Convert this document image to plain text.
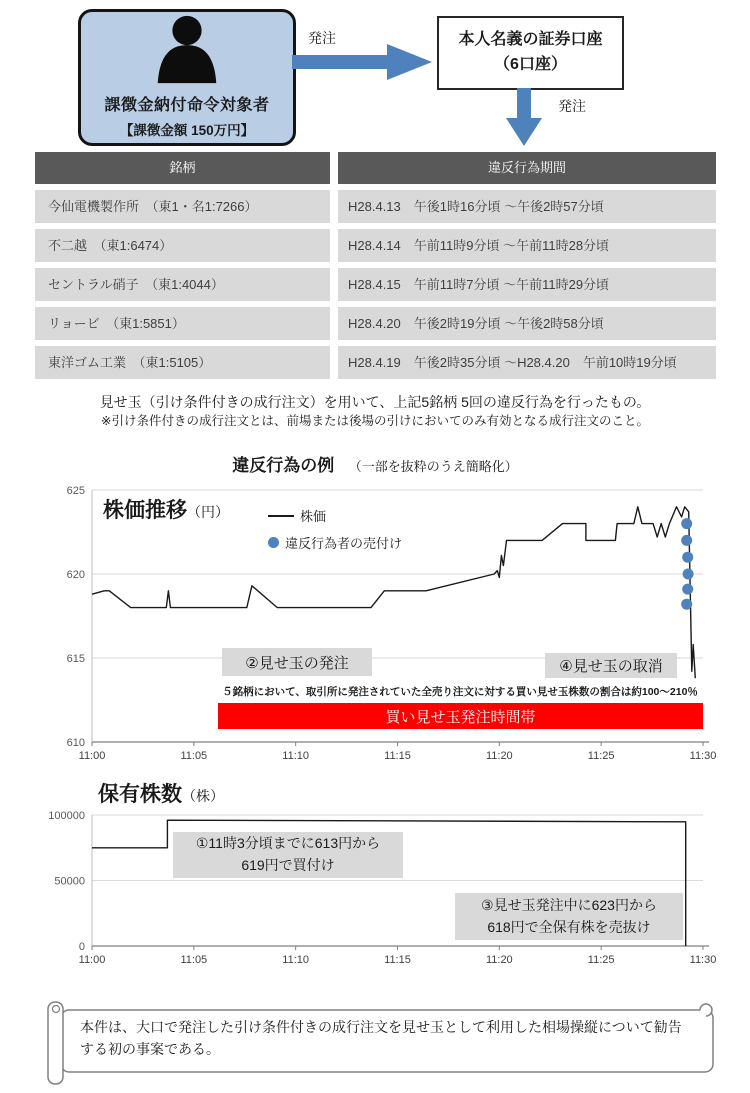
課徴金納付命令対象者
【課徴金額 150万円】
発注	本人名義の証券口座
（6口座）
発注
銘柄	違反行為期間
今仙電機製作所　（東1・名1:7266）	H28.4.13　午後1時16分頃 ～午後2時57分頃
不二越　（東1:6474）	H28.4.14　午前11時9分頃 ～午前11時28分頃
セントラル硝子　（東1:4044）	H28.4.15　午前11時7分頃 ～午前11時29分頃
リョービ　（東1:5851）	H28.4.20　午後2時19分頃 ～午後2時58分頃
東洋ゴム工業　（東1:5105）	H28.4.19　午後2時35分頃 ～H28.4.20　午前10時19分頃
見せ玉（引け条件付きの成行注文）を用いて、上記5銘柄 5回の違反行為を行ったもの。
※引け条件付きの成行注文とは、前場または後場の引けにおいてのみ有効となる成行注文のこと。
違反行為の例 （一部を抜粋のうえ簡略化）
610
615
620
625
11:00	11:05	11:10	11:15	11:20	11:25	11:30
株価推移（円）	株価
違反行為者の売付け
②見せ玉の発注	④見せ玉の取消
５銘柄において、取引所に発注されていた全売り注文に対する買い見せ玉株数の割合は約100～210％
買い見せ玉発注時間帯
0
50000
100000
11:00	11:05	11:10	11:15	11:20	11:25	11:30
保有株数（株）
①11時3分頃までに613円から
619円で買付け
③見せ玉発注中に623円から
618円で全保有株を売抜け
本件は、大口で発注した引け条件付きの成行注文を見せ玉として利用した相場操縦について勧告する初の事案である。
